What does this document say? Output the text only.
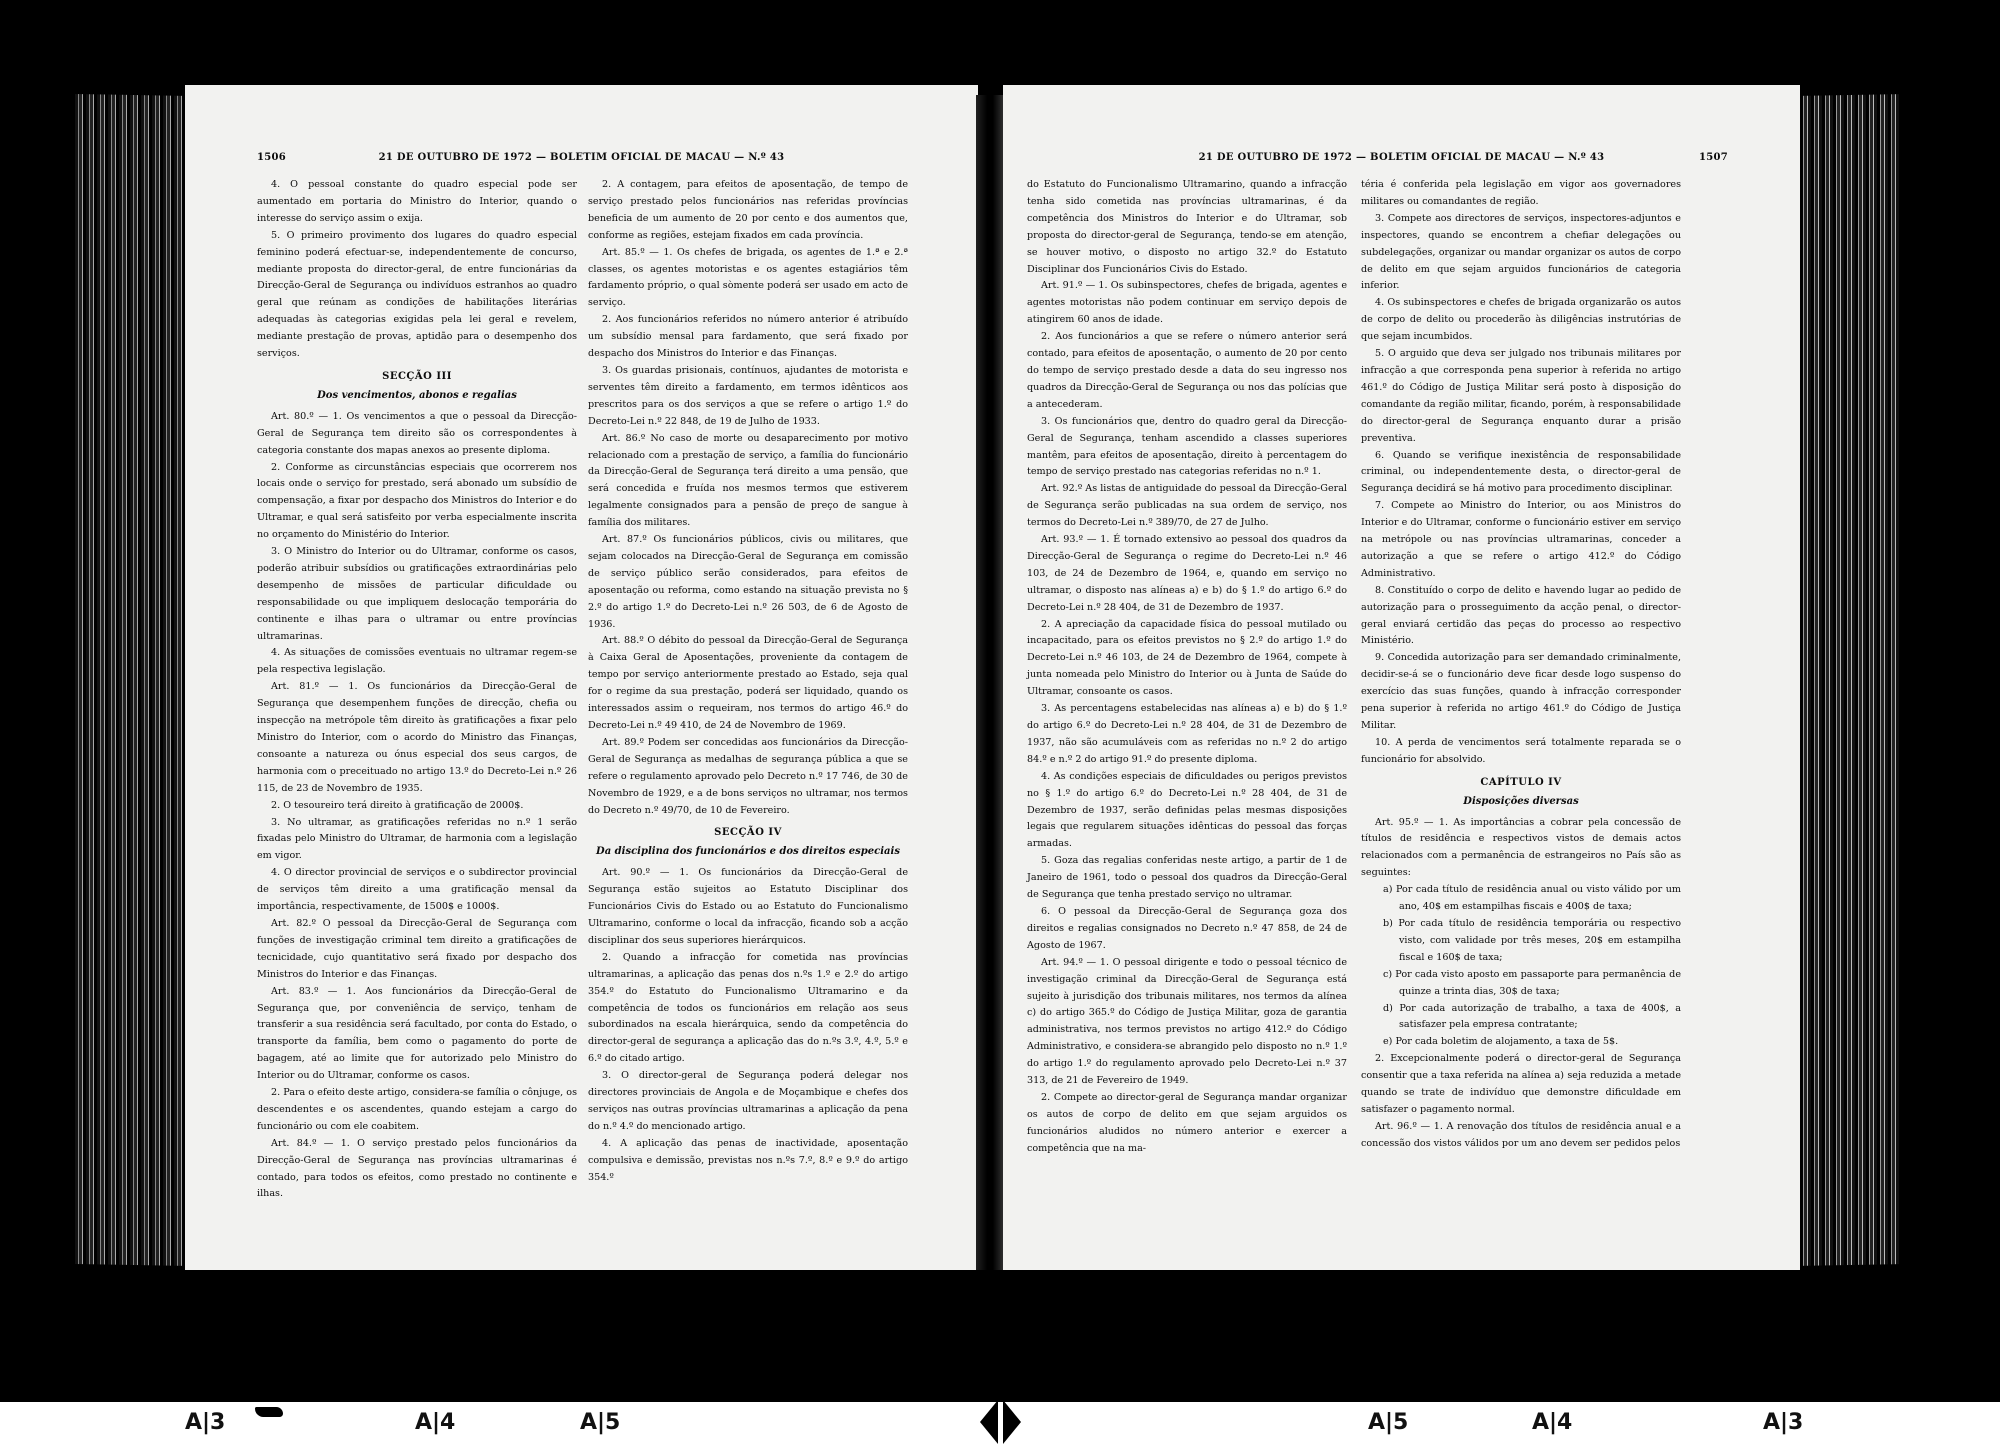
1506	21 DE OUTUBRO DE 1972 — BOLETIM OFICIAL DE MACAU — N.º 43

4. O pessoal constante do quadro especial pode ser aumentado em portaria do Ministro do Interior, quando o interesse do serviço assim o exija.

5. O primeiro provimento dos lugares do quadro especial feminino poderá efectuar-se, independentemente de concurso, mediante proposta do director-geral, de entre funcionárias da Direcção-Geral de Segurança ou indivíduos estranhos ao quadro geral que reúnam as condições de habilitações literárias adequadas às categorias exigidas pela lei geral e revelem, mediante prestação de provas, aptidão para o desempenho dos serviços.

SECÇÃO III

Dos vencimentos, abonos e regalias

Art. 80.º — 1. Os vencimentos a que o pessoal da Direcção-Geral de Segurança tem direito são os correspondentes à categoria constante dos mapas anexos ao presente diploma.

2. Conforme as circunstâncias especiais que ocorrerem nos locais onde o serviço for prestado, será abonado um subsídio de compensação, a fixar por despacho dos Ministros do Interior e do Ultramar, e qual será satisfeito por verba especialmente inscrita no orçamento do Ministério do Interior.

3. O Ministro do Interior ou do Ultramar, conforme os casos, poderão atribuir subsídios ou gratificações extraordinárias pelo desempenho de missões de particular dificuldade ou responsabilidade ou que impliquem deslocação temporária do continente e ilhas para o ultramar ou entre províncias ultramarinas.

4. As situações de comissões eventuais no ultramar regem-se pela respectiva legislação.

Art. 81.º — 1. Os funcionários da Direcção-Geral de Segurança que desempenhem funções de direcção, chefia ou inspecção na metrópole têm direito às gratificações a fixar pelo Ministro do Interior, com o acordo do Ministro das Finanças, consoante a natureza ou ónus especial dos seus cargos, de harmonia com o preceituado no artigo 13.º do Decreto-Lei n.º 26 115, de 23 de Novembro de 1935.

2. O tesoureiro terá direito à gratificação de 2000$.

3. No ultramar, as gratificações referidas no n.º 1 serão fixadas pelo Ministro do Ultramar, de harmonia com a legislação em vigor.

4. O director provincial de serviços e o subdirector provincial de serviços têm direito a uma gratificação mensal da importância, respectivamente, de 1500$ e 1000$.

Art. 82.º O pessoal da Direcção-Geral de Segurança com funções de investigação criminal tem direito a gratificações de tecnicidade, cujo quantitativo será fixado por despacho dos Ministros do Interior e das Finanças.

Art. 83.º — 1. Aos funcionários da Direcção-Geral de Segurança que, por conveniência de serviço, tenham de transferir a sua residência será facultado, por conta do Estado, o transporte da família, bem como o pagamento do porte de bagagem, até ao limite que for autorizado pelo Ministro do Interior ou do Ultramar, conforme os casos.

2. Para o efeito deste artigo, considera-se família o cônjuge, os descendentes e os ascendentes, quando estejam a cargo do funcionário ou com ele coabitem.

Art. 84.º — 1. O serviço prestado pelos funcionários da Direcção-Geral de Segurança nas províncias ultramarinas é contado, para todos os efeitos, como prestado no continente e ilhas.

2. A contagem, para efeitos de aposentação, de tempo de serviço prestado pelos funcionários nas referidas províncias beneficia de um aumento de 20 por cento e dos aumentos que, conforme as regiões, estejam fixados em cada província.

Art. 85.º — 1. Os chefes de brigada, os agentes de 1.ª e 2.ª classes, os agentes motoristas e os agentes estagiários têm fardamento próprio, o qual sòmente poderá ser usado em acto de serviço.

2. Aos funcionários referidos no número anterior é atribuído um subsídio mensal para fardamento, que será fixado por despacho dos Ministros do Interior e das Finanças.

3. Os guardas prisionais, contínuos, ajudantes de motorista e serventes têm direito a fardamento, em termos idênticos aos prescritos para os dos serviços a que se refere o artigo 1.º do Decreto-Lei n.º 22 848, de 19 de Julho de 1933.

Art. 86.º No caso de morte ou desaparecimento por motivo relacionado com a prestação de serviço, a família do funcionário da Direcção-Geral de Segurança terá direito a uma pensão, que será concedida e fruída nos mesmos termos que estiverem legalmente consignados para a pensão de preço de sangue à família dos militares.

Art. 87.º Os funcionários públicos, civis ou militares, que sejam colocados na Direcção-Geral de Segurança em comissão de serviço público serão considerados, para efeitos de aposentação ou reforma, como estando na situação prevista no § 2.º do artigo 1.º do Decreto-Lei n.º 26 503, de 6 de Agosto de 1936.

Art. 88.º O débito do pessoal da Direcção-Geral de Segurança à Caixa Geral de Aposentações, proveniente da contagem de tempo por serviço anteriormente prestado ao Estado, seja qual for o regime da sua prestação, poderá ser liquidado, quando os interessados assim o requeiram, nos termos do artigo 46.º do Decreto-Lei n.º 49 410, de 24 de Novembro de 1969.

Art. 89.º Podem ser concedidas aos funcionários da Direcção-Geral de Segurança as medalhas de segurança pública a que se refere o regulamento aprovado pelo Decreto n.º 17 746, de 30 de Novembro de 1929, e a de bons serviços no ultramar, nos termos do Decreto n.º 49/70, de 10 de Fevereiro.

SECÇÃO IV

Da disciplina dos funcionários e dos direitos especiais

Art. 90.º — 1. Os funcionários da Direcção-Geral de Segurança estão sujeitos ao Estatuto Disciplinar dos Funcionários Civis do Estado ou ao Estatuto do Funcionalismo Ultramarino, conforme o local da infracção, ficando sob a acção disciplinar dos seus superiores hierárquicos.

2. Quando a infracção for cometida nas províncias ultramarinas, a aplicação das penas dos n.ºs 1.º e 2.º do artigo 354.º do Estatuto do Funcionalismo Ultramarino e da competência de todos os funcionários em relação aos seus subordinados na escala hierárquica, sendo da competência do director-geral de segurança a aplicação das do n.ºs 3.º, 4.º, 5.º e 6.º do citado artigo.

3. O director-geral de Segurança poderá delegar nos directores provinciais de Angola e de Moçambique e chefes dos serviços nas outras províncias ultramarinas a aplicação da pena do n.º 4.º do mencionado artigo.

4. A aplicação das penas de inactividade, aposentação compulsiva e demissão, previstas nos n.ºs 7.º, 8.º e 9.º do artigo 354.º

21 DE OUTUBRO DE 1972 — BOLETIM OFICIAL DE MACAU — N.º 43	1507

do Estatuto do Funcionalismo Ultramarino, quando a infracção tenha sido cometida nas províncias ultramarinas, é da competência dos Ministros do Interior e do Ultramar, sob proposta do director-geral de Segurança, tendo-se em atenção, se houver motivo, o disposto no artigo 32.º do Estatuto Disciplinar dos Funcionários Civis do Estado.

Art. 91.º — 1. Os subinspectores, chefes de brigada, agentes e agentes motoristas não podem continuar em serviço depois de atingirem 60 anos de idade.

2. Aos funcionários a que se refere o número anterior será contado, para efeitos de aposentação, o aumento de 20 por cento do tempo de serviço prestado desde a data do seu ingresso nos quadros da Direcção-Geral de Segurança ou nos das polícias que a antecederam.

3. Os funcionários que, dentro do quadro geral da Direcção-Geral de Segurança, tenham ascendido a classes superiores mantêm, para efeitos de aposentação, direito à percentagem do tempo de serviço prestado nas categorias referidas no n.º 1.

Art. 92.º As listas de antiguidade do pessoal da Direcção-Geral de Segurança serão publicadas na sua ordem de serviço, nos termos do Decreto-Lei n.º 389/70, de 27 de Julho.

Art. 93.º — 1. É tornado extensivo ao pessoal dos quadros da Direcção-Geral de Segurança o regime do Decreto-Lei n.º 46 103, de 24 de Dezembro de 1964, e, quando em serviço no ultramar, o disposto nas alíneas a) e b) do § 1.º do artigo 6.º do Decreto-Lei n.º 28 404, de 31 de Dezembro de 1937.

2. A apreciação da capacidade física do pessoal mutilado ou incapacitado, para os efeitos previstos no § 2.º do artigo 1.º do Decreto-Lei n.º 46 103, de 24 de Dezembro de 1964, compete à junta nomeada pelo Ministro do Interior ou à Junta de Saúde do Ultramar, consoante os casos.

3. As percentagens estabelecidas nas alíneas a) e b) do § 1.º do artigo 6.º do Decreto-Lei n.º 28 404, de 31 de Dezembro de 1937, não são acumuláveis com as referidas no n.º 2 do artigo 84.º e n.º 2 do artigo 91.º do presente diploma.

4. As condições especiais de dificuldades ou perigos previstos no § 1.º do artigo 6.º do Decreto-Lei n.º 28 404, de 31 de Dezembro de 1937, serão definidas pelas mesmas disposições legais que regularem situações idênticas do pessoal das forças armadas.

5. Goza das regalias conferidas neste artigo, a partir de 1 de Janeiro de 1961, todo o pessoal dos quadros da Direcção-Geral de Segurança que tenha prestado serviço no ultramar.

6. O pessoal da Direcção-Geral de Segurança goza dos direitos e regalias consignados no Decreto n.º 47 858, de 24 de Agosto de 1967.

Art. 94.º — 1. O pessoal dirigente e todo o pessoal técnico de investigação criminal da Direcção-Geral de Segurança está sujeito à jurisdição dos tribunais militares, nos termos da alínea c) do artigo 365.º do Código de Justiça Militar, goza de garantia administrativa, nos termos previstos no artigo 412.º do Código Administrativo, e considera-se abrangido pelo disposto no n.º 1.º do artigo 1.º do regulamento aprovado pelo Decreto-Lei n.º 37 313, de 21 de Fevereiro de 1949.

2. Compete ao director-geral de Segurança mandar organizar os autos de corpo de delito em que sejam arguidos os funcionários aludidos no número anterior e exercer a competência que na ma-

téria é conferida pela legislação em vigor aos governadores militares ou comandantes de região.

3. Compete aos directores de serviços, inspectores-adjuntos e inspectores, quando se encontrem a chefiar delegações ou subdelegações, organizar ou mandar organizar os autos de corpo de delito em que sejam arguidos funcionários de categoria inferior.

4. Os subinspectores e chefes de brigada organizarão os autos de corpo de delito ou procederão às diligências instrutórias de que sejam incumbidos.

5. O arguido que deva ser julgado nos tribunais militares por infracção a que corresponda pena superior à referida no artigo 461.º do Código de Justiça Militar será posto à disposição do comandante da região militar, ficando, porém, à responsabilidade do director-geral de Segurança enquanto durar a prisão preventiva.

6. Quando se verifique inexistência de responsabilidade criminal, ou independentemente desta, o director-geral de Segurança decidirá se há motivo para procedimento disciplinar.

7. Compete ao Ministro do Interior, ou aos Ministros do Interior e do Ultramar, conforme o funcionário estiver em serviço na metrópole ou nas províncias ultramarinas, conceder a autorização a que se refere o artigo 412.º do Código Administrativo.

8. Constituído o corpo de delito e havendo lugar ao pedido de autorização para o prosseguimento da acção penal, o director-geral enviará certidão das peças do processo ao respectivo Ministério.

9. Concedida autorização para ser demandado criminalmente, decidir-se-á se o funcionário deve ficar desde logo suspenso do exercício das suas funções, quando à infracção corresponder pena superior à referida no artigo 461.º do Código de Justiça Militar.

10. A perda de vencimentos será totalmente reparada se o funcionário for absolvido.

CAPÍTULO IV

Disposições diversas

Art. 95.º — 1. As importâncias a cobrar pela concessão de títulos de residência e respectivos vistos de demais actos relacionados com a permanência de estrangeiros no País são as seguintes:

a) Por cada título de residência anual ou visto válido por um ano, 40$ em estampilhas fiscais e 400$ de taxa;

b) Por cada título de residência temporária ou respectivo visto, com validade por três meses, 20$ em estampilha fiscal e 160$ de taxa;

c) Por cada visto aposto em passaporte para permanência de quinze a trinta dias, 30$ de taxa;

d) Por cada autorização de trabalho, a taxa de 400$, a satisfazer pela empresa contratante;

e) Por cada boletim de alojamento, a taxa de 5$.

2. Excepcionalmente poderá o director-geral de Segurança consentir que a taxa referida na alínea a) seja reduzida a metade quando se trate de indivíduo que demonstre dificuldade em satisfazer o pagamento normal.

Art. 96.º — 1. A renovação dos títulos de residência anual e a concessão dos vistos válidos por um ano devem ser pedidos pelos

A|3	A|4	A|5	A|5	A|4	A|3
